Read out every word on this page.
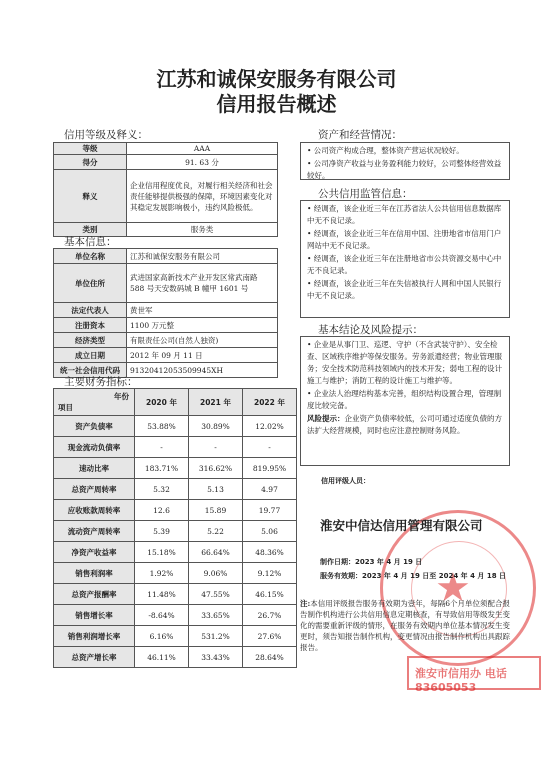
江苏和诚保安服务有限公司
信用报告概述
信用等级及释义：
等级	AAA
得分	91. 63 分
释义	企业信用程度优良，对履行相关经济和社会责任能够提供极强的保障，环境因素变化对其稳定发展影响极小，违约风险极低。
类别	服务类
基本信息：
单位名称	江苏和诚保安服务有限公司
单位住所	武进国家高新技术产业开发区常武南路 588 号天安数码城 B 幢甲 1601 号
法定代表人	黄世军
注册资本	1100 万元整
经济类型	有限责任公司(自然人独资)
成立日期	2012 年 09 月 11 日
统一社会信用代码	91320412053509945XH
主要财务指标：
年份
项目	2020 年	2021 年	2022 年
资产负债率	53.88%	30.89%	12.02%
现金流动负债率	-	-	-
速动比率	183.71%	316.62%	819.95%
总资产周转率	5.32	5.13	4.97
应收账款周转率	12.6	15.89	19.77
流动资产周转率	5.39	5.22	5.06
净资产收益率	15.18%	66.64%	48.36%
销售利润率	1.92%	9.06%	9.12%
总资产报酬率	11.48%	47.55%	46.15%
销售增长率	-8.64%	33.65%	26.7%
销售利润增长率	6.16%	531.2%	27.6%
总资产增长率	46.11%	33.43%	28.64%
资产和经营情况：

• 公司资产构成合理，整体资产营运状况较好。

• 公司净资产收益与业务盈利能力较好，公司整体经营效益较好。

公共信用监管信息：

• 经调查，该企业近三年在江苏省法人公共信用信息数据库中无不良记录。

• 经调查，该企业近三年在信用中国、注册地省市信用门户网站中无不良记录。

• 经调查，该企业近三年在注册地省市公共资源交易中心中无不良记录。

• 经调查，该企业近三年在失信被执行人网和中国人民银行中无不良记录。

基本结论及风险提示：

• 企业是从事门卫、巡逻、守护（不含武装守护）、安全检查、区域秩序维护等保安服务。劳务派遣经营；物业管理服务；安全技术防范科技领域内的技术开发；弱电工程的设计施工与维护；消防工程的设计施工与维护等。

• 企业法人治理结构基本完善，组织结构设置合理，管理制度比较完备。

风险提示：企业资产负债率较低，公司可通过适度负债的方法扩大经营规模，同时也应注意控制财务风险。

信用评级人员：
★
淮安中信达信用管理有限公司
制作日期：2023 年 4 月 19 日
服务有效期：2023 年 4 月 19 日至 2024 年 4 月 18 日
注:本信用评级报告服务有效期为壹年，每隔6个月单位须配合报告制作机构进行公共信用信息定期核查，有导致信用等级发生变化的需要重新评级的情形，在服务有效期内单位基本情况发生变更时，须告知报告制作机构，变更情况由报告制作机构出具跟踪报告。
淮安市信用办 电话83605053
